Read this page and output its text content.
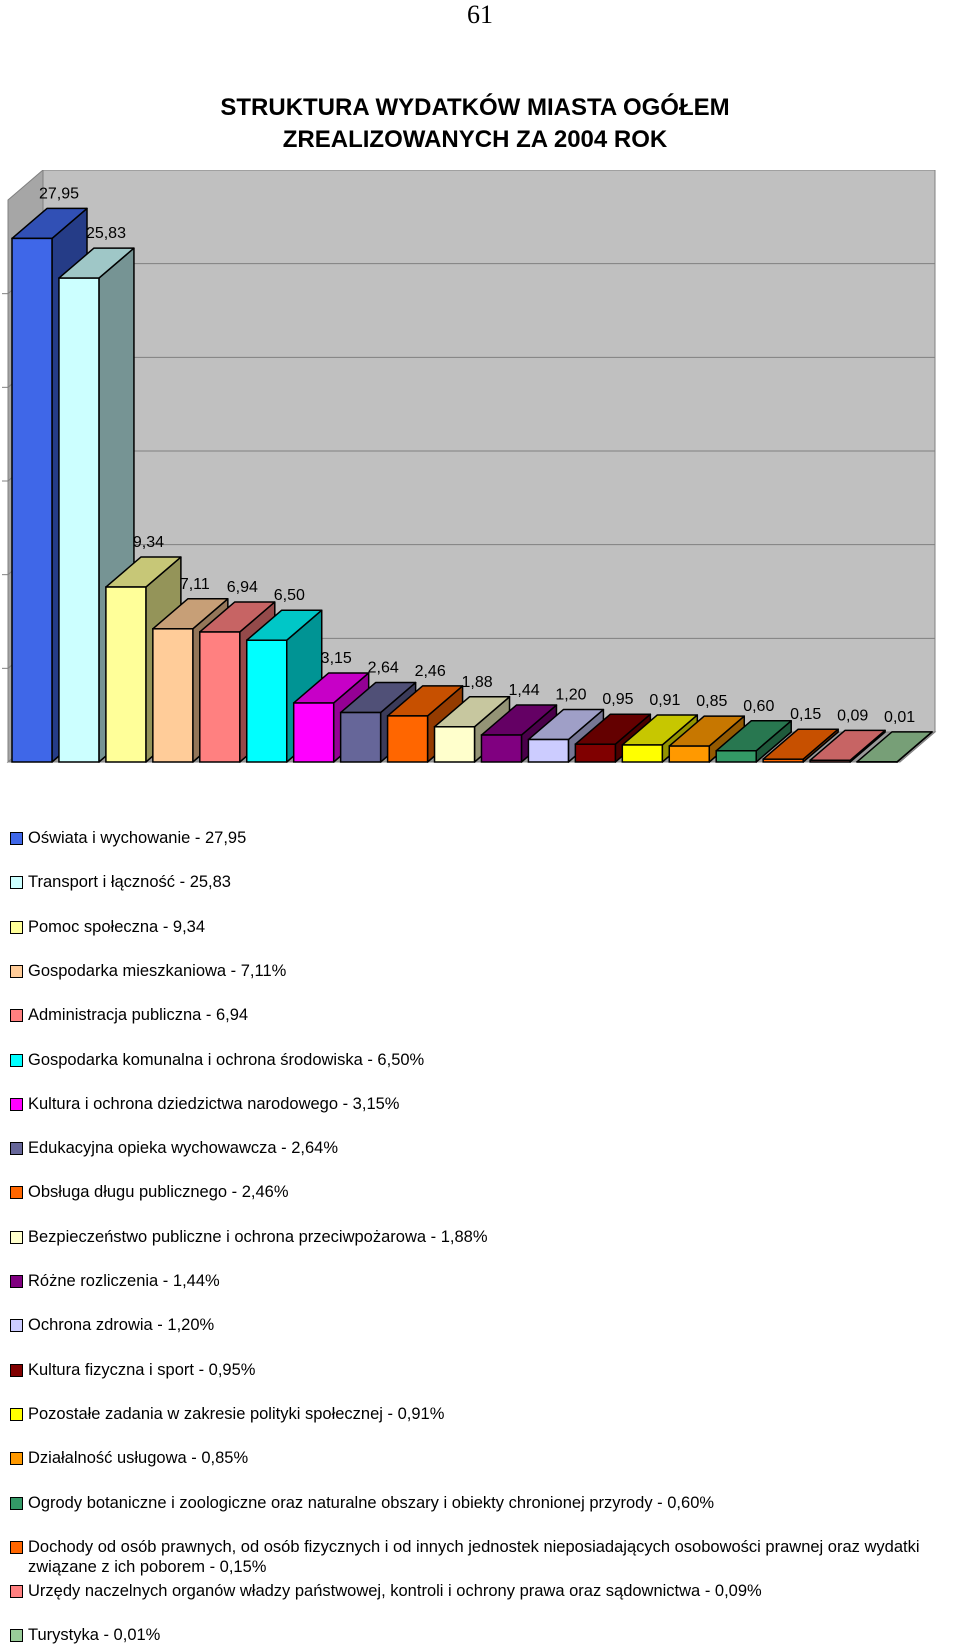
61
STRUKTURA WYDATKÓW MIASTA OGÓŁEM
ZREALIZOWANYCH ZA 2004 ROK
27,95
25,83
9,34
7,11 6,94 6,50
3,15
2,64 2,46
1,88 1,44 1,20 0,95 0,91 0,85 0,60 0,15 0,09 0,01
Oświata i wychowanie - 27,95
Transport i łączność - 25,83
Pomoc społeczna - 9,34
Gospodarka mieszkaniowa - 7,11%
Administracja publiczna - 6,94
Gospodarka komunalna i ochrona środowiska - 6,50%
Kultura i ochrona dziedzictwa narodowego - 3,15%
Edukacyjna opieka wychowawcza - 2,64%
Obsługa długu publicznego - 2,46%
Bezpieczeństwo publiczne i ochrona przeciwpożarowa - 1,88%
Różne rozliczenia - 1,44%
Ochrona zdrowia - 1,20%
Kultura fizyczna i sport - 0,95%
Pozostałe zadania w zakresie polityki społecznej - 0,91%
Działalność usługowa - 0,85%
Ogrody botaniczne i zoologiczne oraz naturalne obszary i obiekty chronionej przyrody - 0,60%
Dochody od osób prawnych, od osób fizycznych i od innych jednostek nieposiadających osobowości prawnej oraz wydatki związane z ich poborem - 0,15%
Urzędy naczelnych organów władzy państwowej, kontroli i ochrony prawa oraz sądownictwa - 0,09%
Turystyka - 0,01%
